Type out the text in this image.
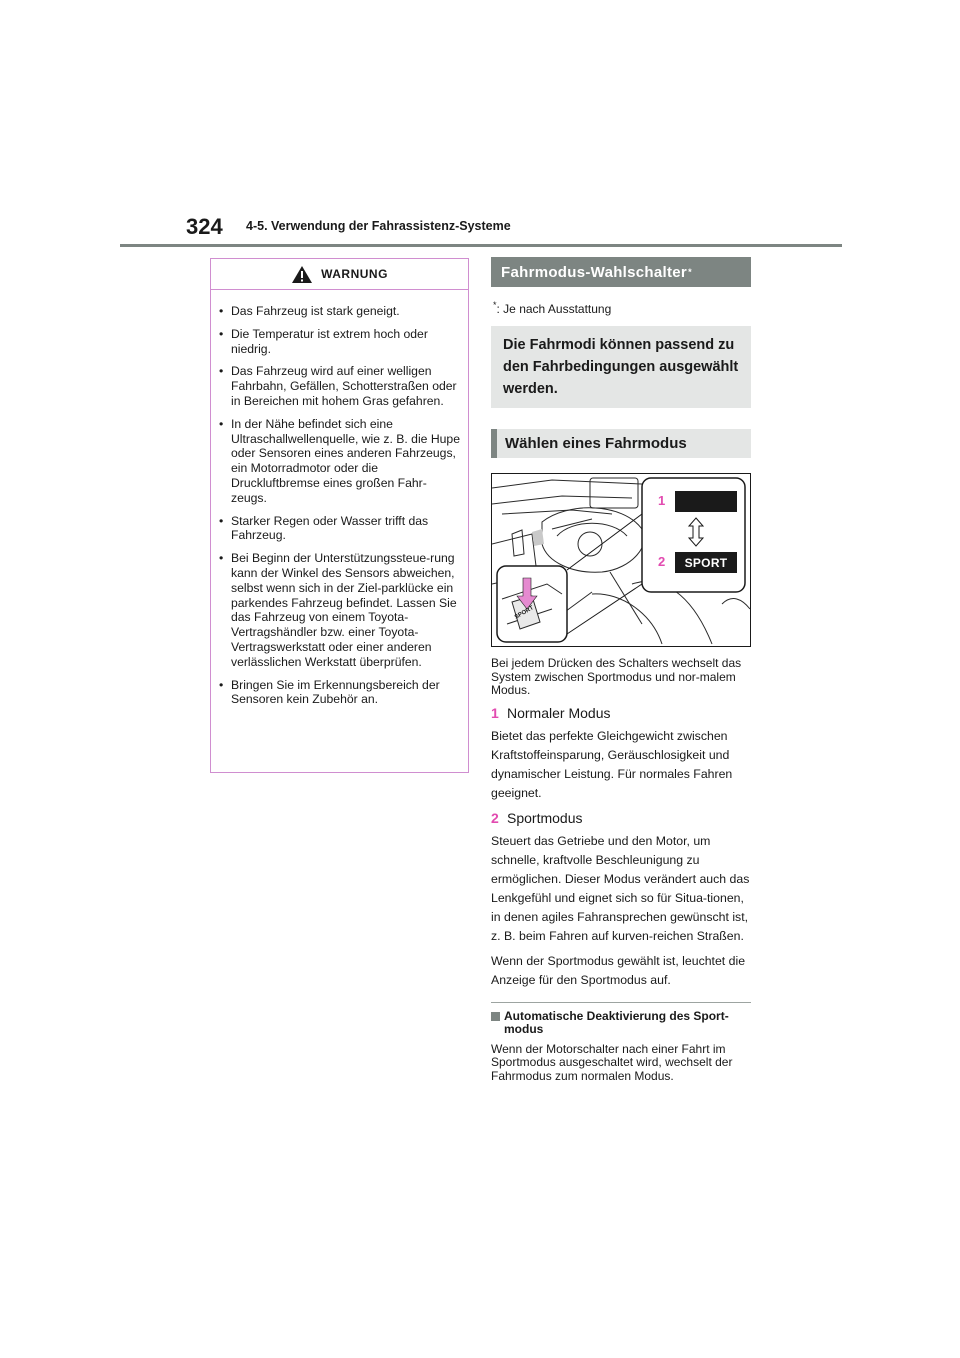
324 4-5. Verwendung der Fahrassistenz-Systeme
WARNUNG
• Das Fahrzeug ist stark geneigt.
• Die Temperatur ist extrem hoch oder niedrig.
• Das Fahrzeug wird auf einer welligen Fahrbahn, Gefällen, Schotterstraßen oder in Bereichen mit hohem Gras gefahren.
• In der Nähe befindet sich eine Ultraschallwellenquelle, wie z. B. die Hupe oder Sensoren eines anderen Fahrzeugs, ein Motorradmotor oder die Druckluftbremse eines großen Fahr-zeugs.
• Starker Regen oder Wasser trifft das Fahrzeug.
• Bei Beginn der Unterstützungssteue-rung kann der Winkel des Sensors abweichen, selbst wenn sich in der Ziel-parklücke ein parkendes Fahrzeug befindet. Lassen Sie das Fahrzeug von einem Toyota-Vertragshändler bzw. einer Toyota-Vertragswerkstatt oder einer anderen verlässlichen Werkstatt überprüfen.
• Bringen Sie im Erkennungsbereich der Sensoren kein Zubehör an.
Fahrmodus-Wahlschalter *
*: Je nach Ausstattung
Die Fahrmodi können passend zu den Fahrbedingungen ausgewählt werden.
Wählen eines Fahrmodus
1
2	SPORT
SPORT
Bei jedem Drücken des Schalters wechselt das System zwischen Sportmodus und nor-malem Modus.
1 Normaler Modus
Bietet das perfekte Gleichgewicht zwischen Kraftstoffeinsparung, Geräuschlosigkeit und dynamischer Leistung. Für normales Fahren geeignet.
2 Sportmodus
Steuert das Getriebe und den Motor, um schnelle, kraftvolle Beschleunigung zu ermöglichen. Dieser Modus verändert auch das Lenkgefühl und eignet sich so für Situa-tionen, in denen agiles Fahransprechen gewünscht ist, z. B. beim Fahren auf kurven-reichen Straßen.
Wenn der Sportmodus gewählt ist, leuchtet die Anzeige für den Sportmodus auf.
Automatische Deaktivierung des Sport-modus
Wenn der Motorschalter nach einer Fahrt im Sportmodus ausgeschaltet wird, wechselt der Fahrmodus zum normalen Modus.
